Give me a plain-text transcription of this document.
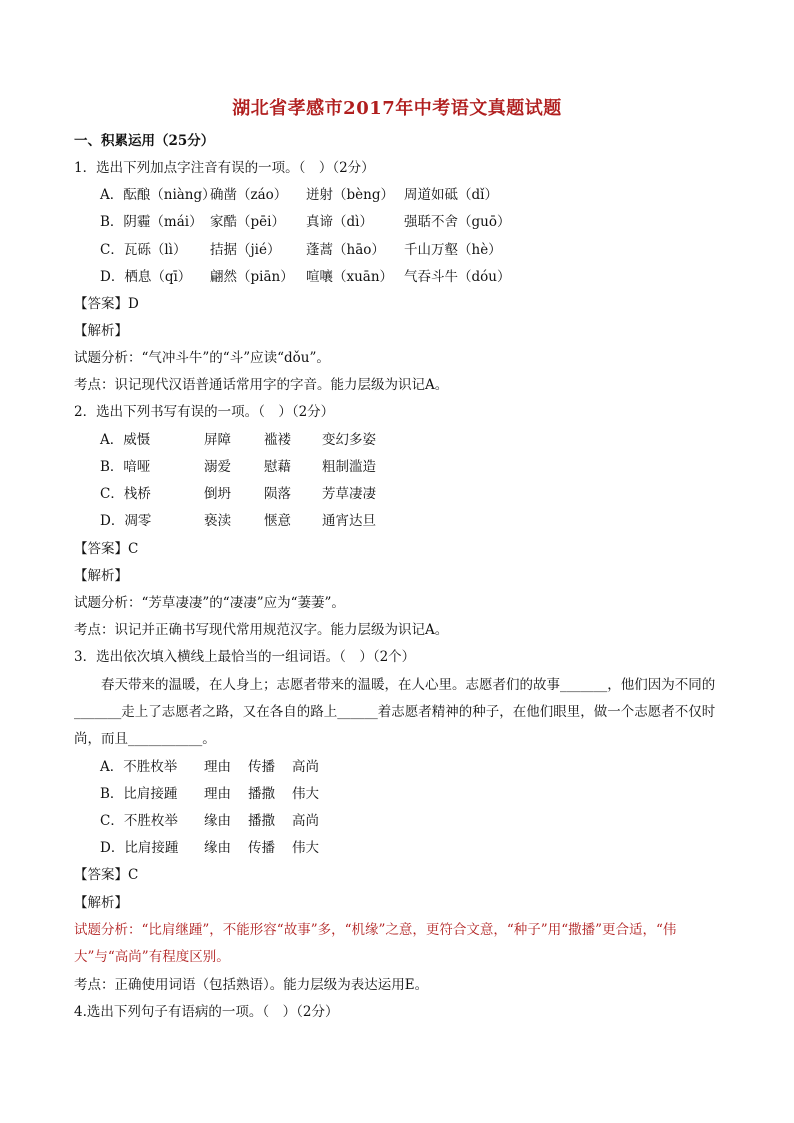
湖北省孝感市2017年中考语文真题试题
一、积累运用（25分）
1．选出下列加点字注音有误的一项。（　）（2分）
A．酝酿（niàng）确凿（záo） 迸射（bèng） 周道如砥（dǐ）
B．阴霾（mái） 家酷（pēi） 真谛（dì） 强聒不舍（guō）
C．瓦砾（lì） 拮据（jié） 蓬蒿（hāo） 千山万壑（hè）
D．栖息（qī） 翩然（piān） 喧嚷（xuān） 气吞斗牛（dóu）
【答案】D
【解析】
试题分析：“气冲斗牛”的“斗”应读“dǒu”。
考点：识记现代汉语普通话常用字的字音。能力层级为识记A。
2．选出下列书写有误的一项。（　）（2分）
A．威慑	屏障 褴褛 变幻多姿
B．喑哑	溺爱 慰藉 粗制滥造
C．栈桥	倒坍 陨落 芳草凄凄
D．凋零	亵渎 惬意 通宵达旦
【答案】C
【解析】
试题分析：“芳草凄凄”的“凄凄”应为“萋萋”。
考点：识记并正确书写现代常用规范汉字。能力层级为识记A。
3．选出依次填入横线上最恰当的一组词语。（　）（2个）
春天带来的温暖，在人身上；志愿者带来的温暖，在人心里。志愿者们的故事_______，他们因为不同的_______走上了志愿者之路，又在各自的路上______着志愿者精神的种子，在他们眼里，做一个志愿者不仅时尚，而且___________。
A．不胜枚举 理由 传播 高尚
B．比肩接踵 理由 播撒 伟大
C．不胜枚举 缘由 播撒 高尚
D．比肩接踵 缘由 传播 伟大
【答案】C
【解析】
试题分析：“比肩继踵”，不能形容“故事”多，“机缘”之意，更符合文意，“种子”用“撒播”更合适，“伟大”与“高尚”有程度区别。
考点：正确使用词语（包括熟语）。能力层级为表达运用E。
4.选出下列句子有语病的一项。（　）（2分）
